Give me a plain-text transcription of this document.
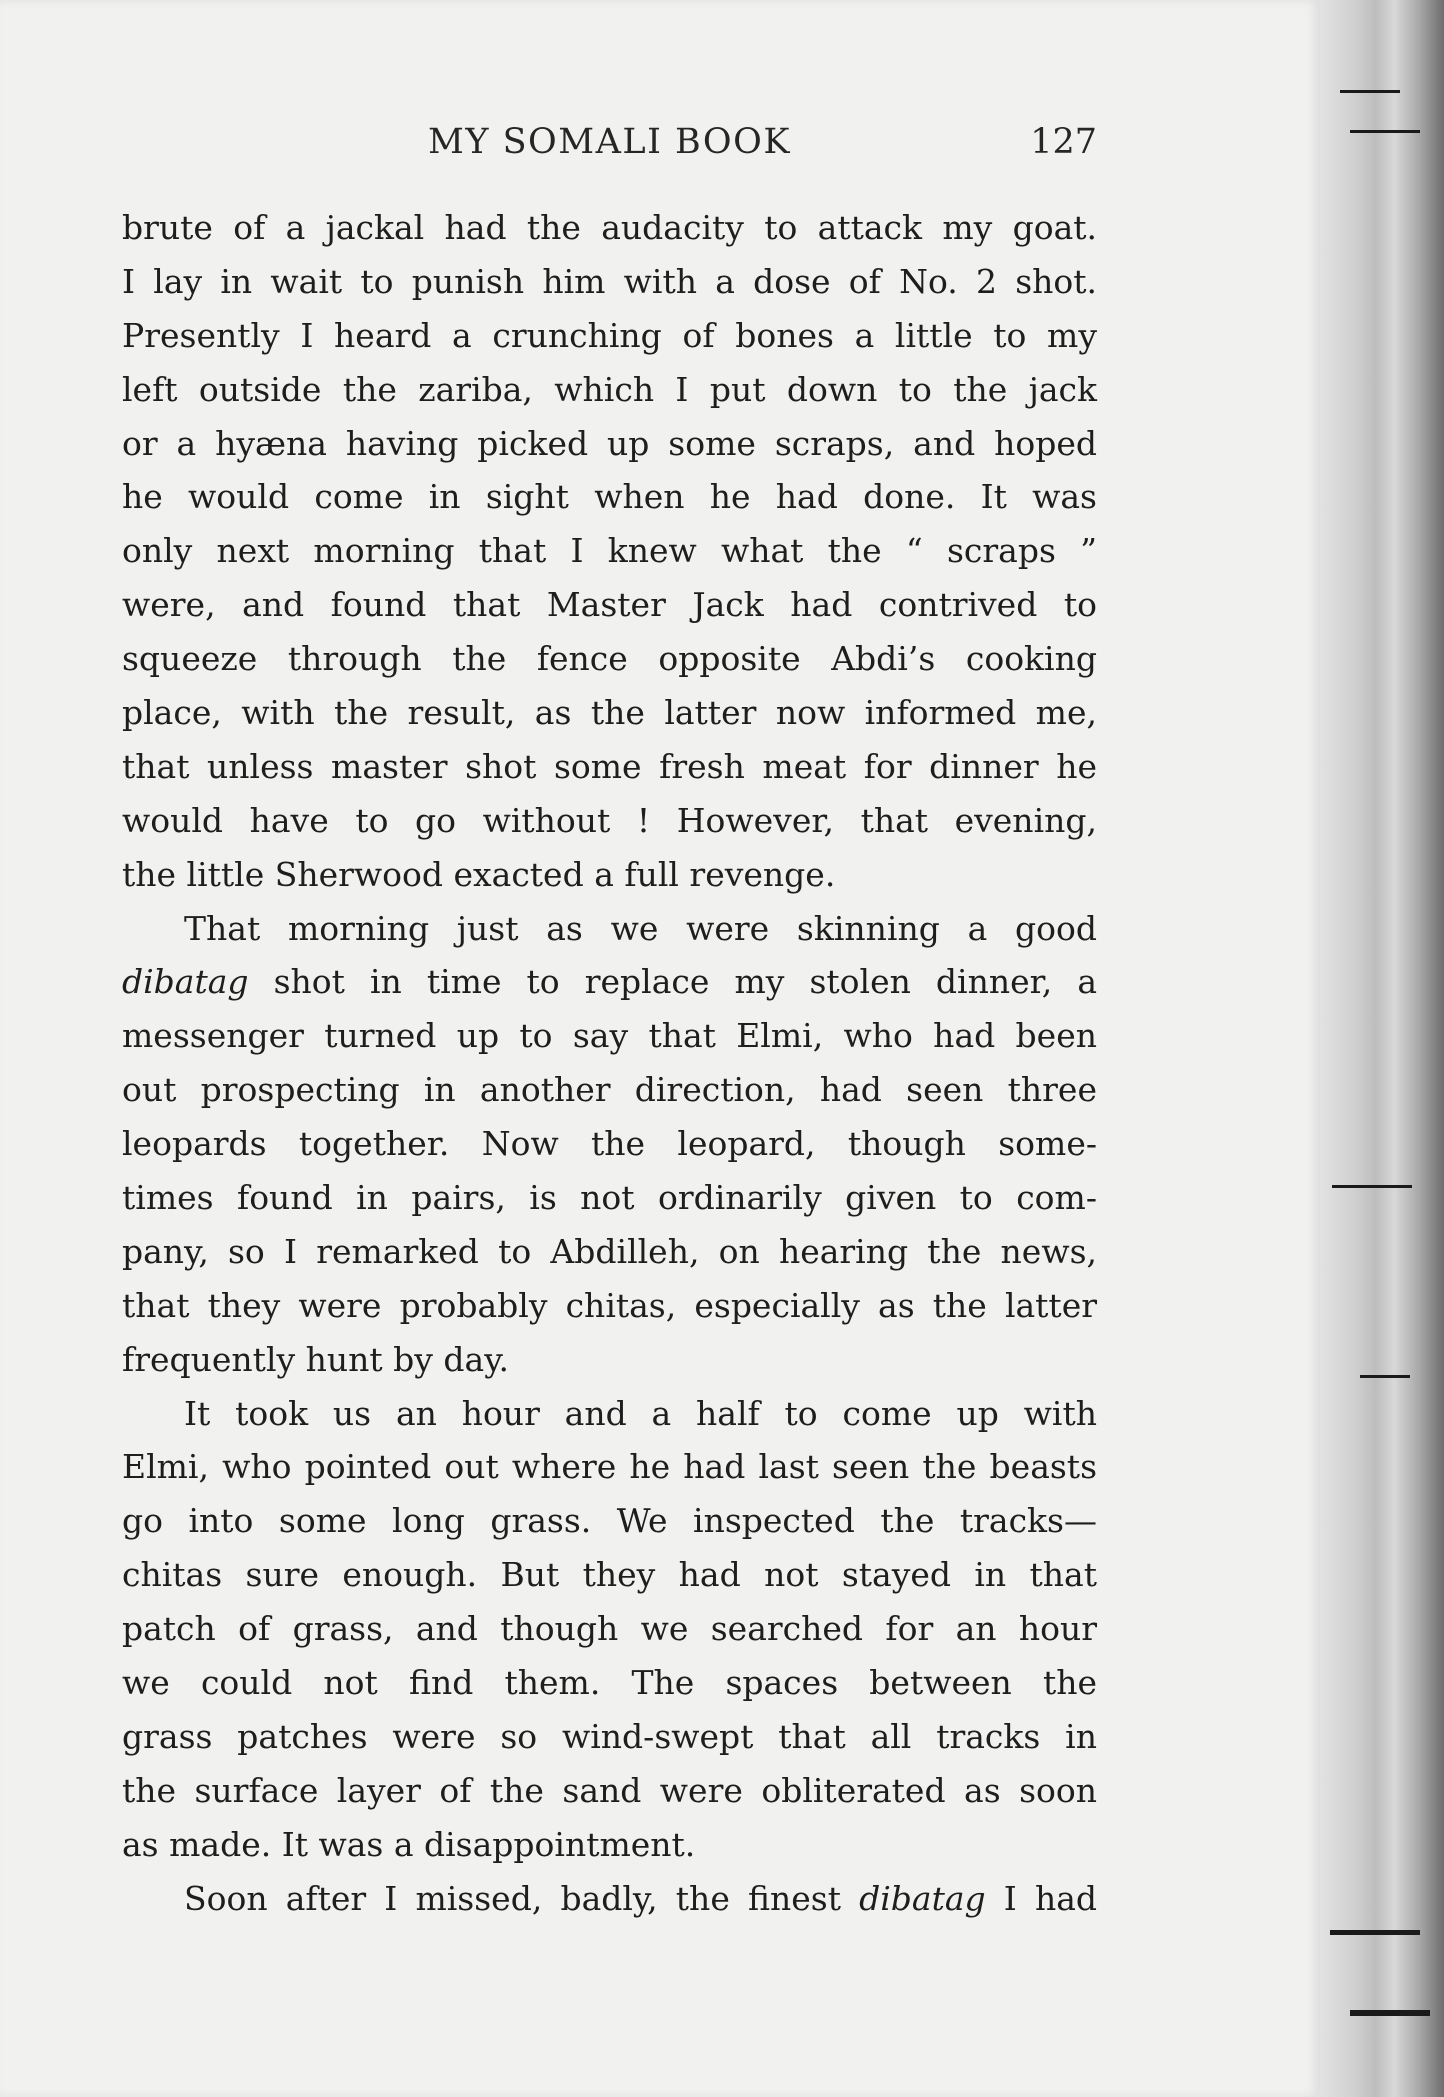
MY SOMALI BOOK	127
brute of a jackal had the audacity to attack my goat.
I lay in wait to punish him with a dose of No. 2 shot.
Presently I heard a crunching of bones a little to my
left outside the zariba, which I put down to the jack
or a hyæna having picked up some scraps, and hoped
he would come in sight when he had done. It was
only next morning that I knew what the “ scraps ”
were, and found that Master Jack had contrived to
squeeze through the fence opposite Abdi’s cooking
place, with the result, as the latter now informed me,
that unless master shot some fresh meat for dinner he
would have to go without ! However, that evening,
the little Sherwood exacted a full revenge.
That morning just as we were skinning a good
dibatag shot in time to replace my stolen dinner, a
messenger turned up to say that Elmi, who had been
out prospecting in another direction, had seen three
leopards together. Now the leopard, though some-
times found in pairs, is not ordinarily given to com-
pany, so I remarked to Abdilleh, on hearing the news,
that they were probably chitas, especially as the latter
frequently hunt by day.
It took us an hour and a half to come up with
Elmi, who pointed out where he had last seen the beasts
go into some long grass. We inspected the tracks—
chitas sure enough. But they had not stayed in that
patch of grass, and though we searched for an hour
we could not find them. The spaces between the
grass patches were so wind-swept that all tracks in
the surface layer of the sand were obliterated as soon
as made. It was a disappointment.
Soon after I missed, badly, the finest dibatag I had
